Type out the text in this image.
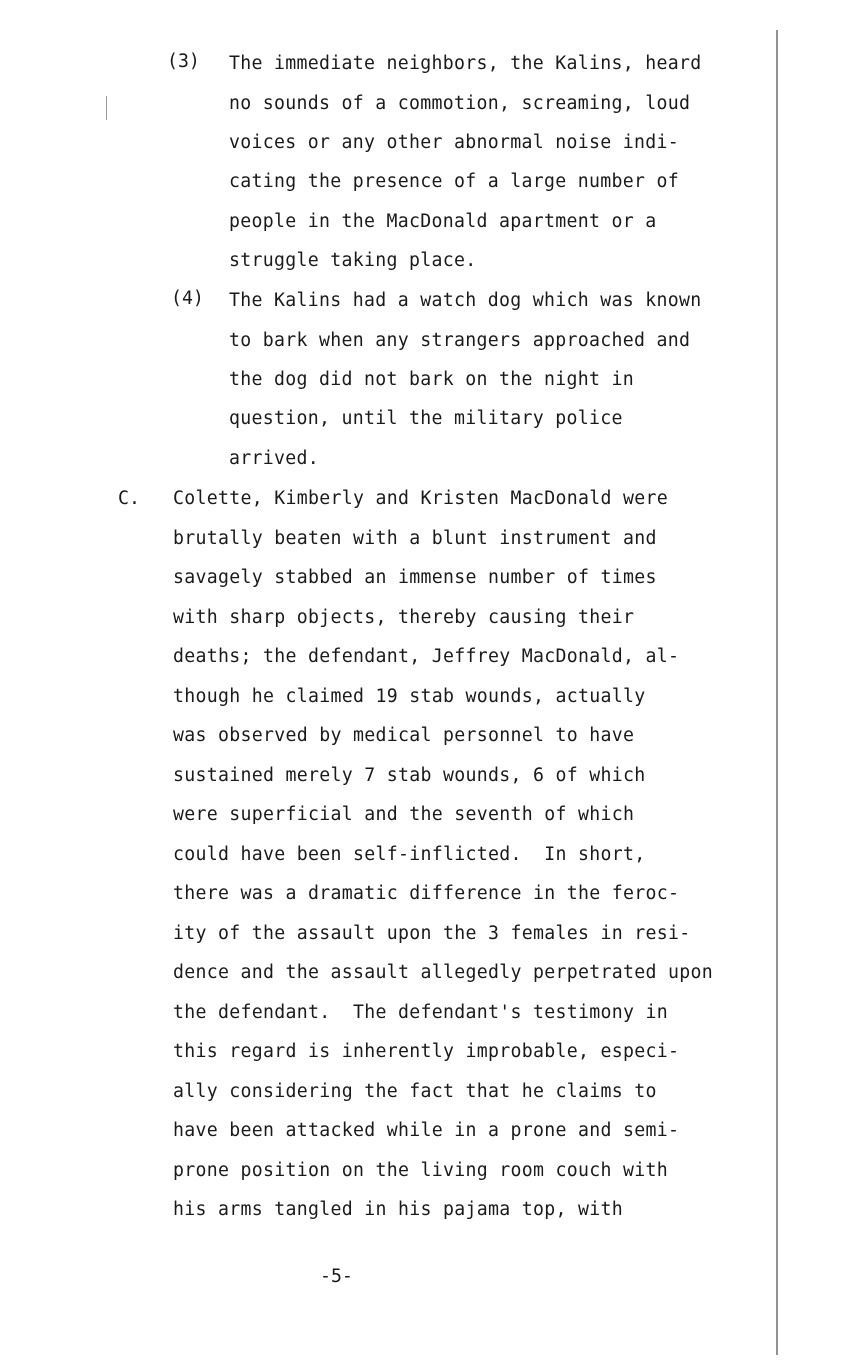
(3) The immediate neighbors, the Kalins, heard
no sounds of a commotion, screaming, loud
voices or any other abnormal noise indi-
cating the presence of a large number of
people in the MacDonald apartment or a
struggle taking place.
(4) The Kalins had a watch dog which was known
to bark when any strangers approached and
the dog did not bark on the night in
question, until the military police
arrived.
C. Colette, Kimberly and Kristen MacDonald were
brutally beaten with a blunt instrument and
savagely stabbed an immense number of times
with sharp objects, thereby causing their
deaths; the defendant, Jeffrey MacDonald, al-
though he claimed 19 stab wounds, actually
was observed by medical personnel to have
sustained merely 7 stab wounds, 6 of which
were superficial and the seventh of which
could have been self-inflicted.  In short,
there was a dramatic difference in the feroc-
ity of the assault upon the 3 females in resi-
dence and the assault allegedly perpetrated upon
the defendant.  The defendant's testimony in
this regard is inherently improbable, especi-
ally considering the fact that he claims to
have been attacked while in a prone and semi-
prone position on the living room couch with
his arms tangled in his pajama top, with
-5-
